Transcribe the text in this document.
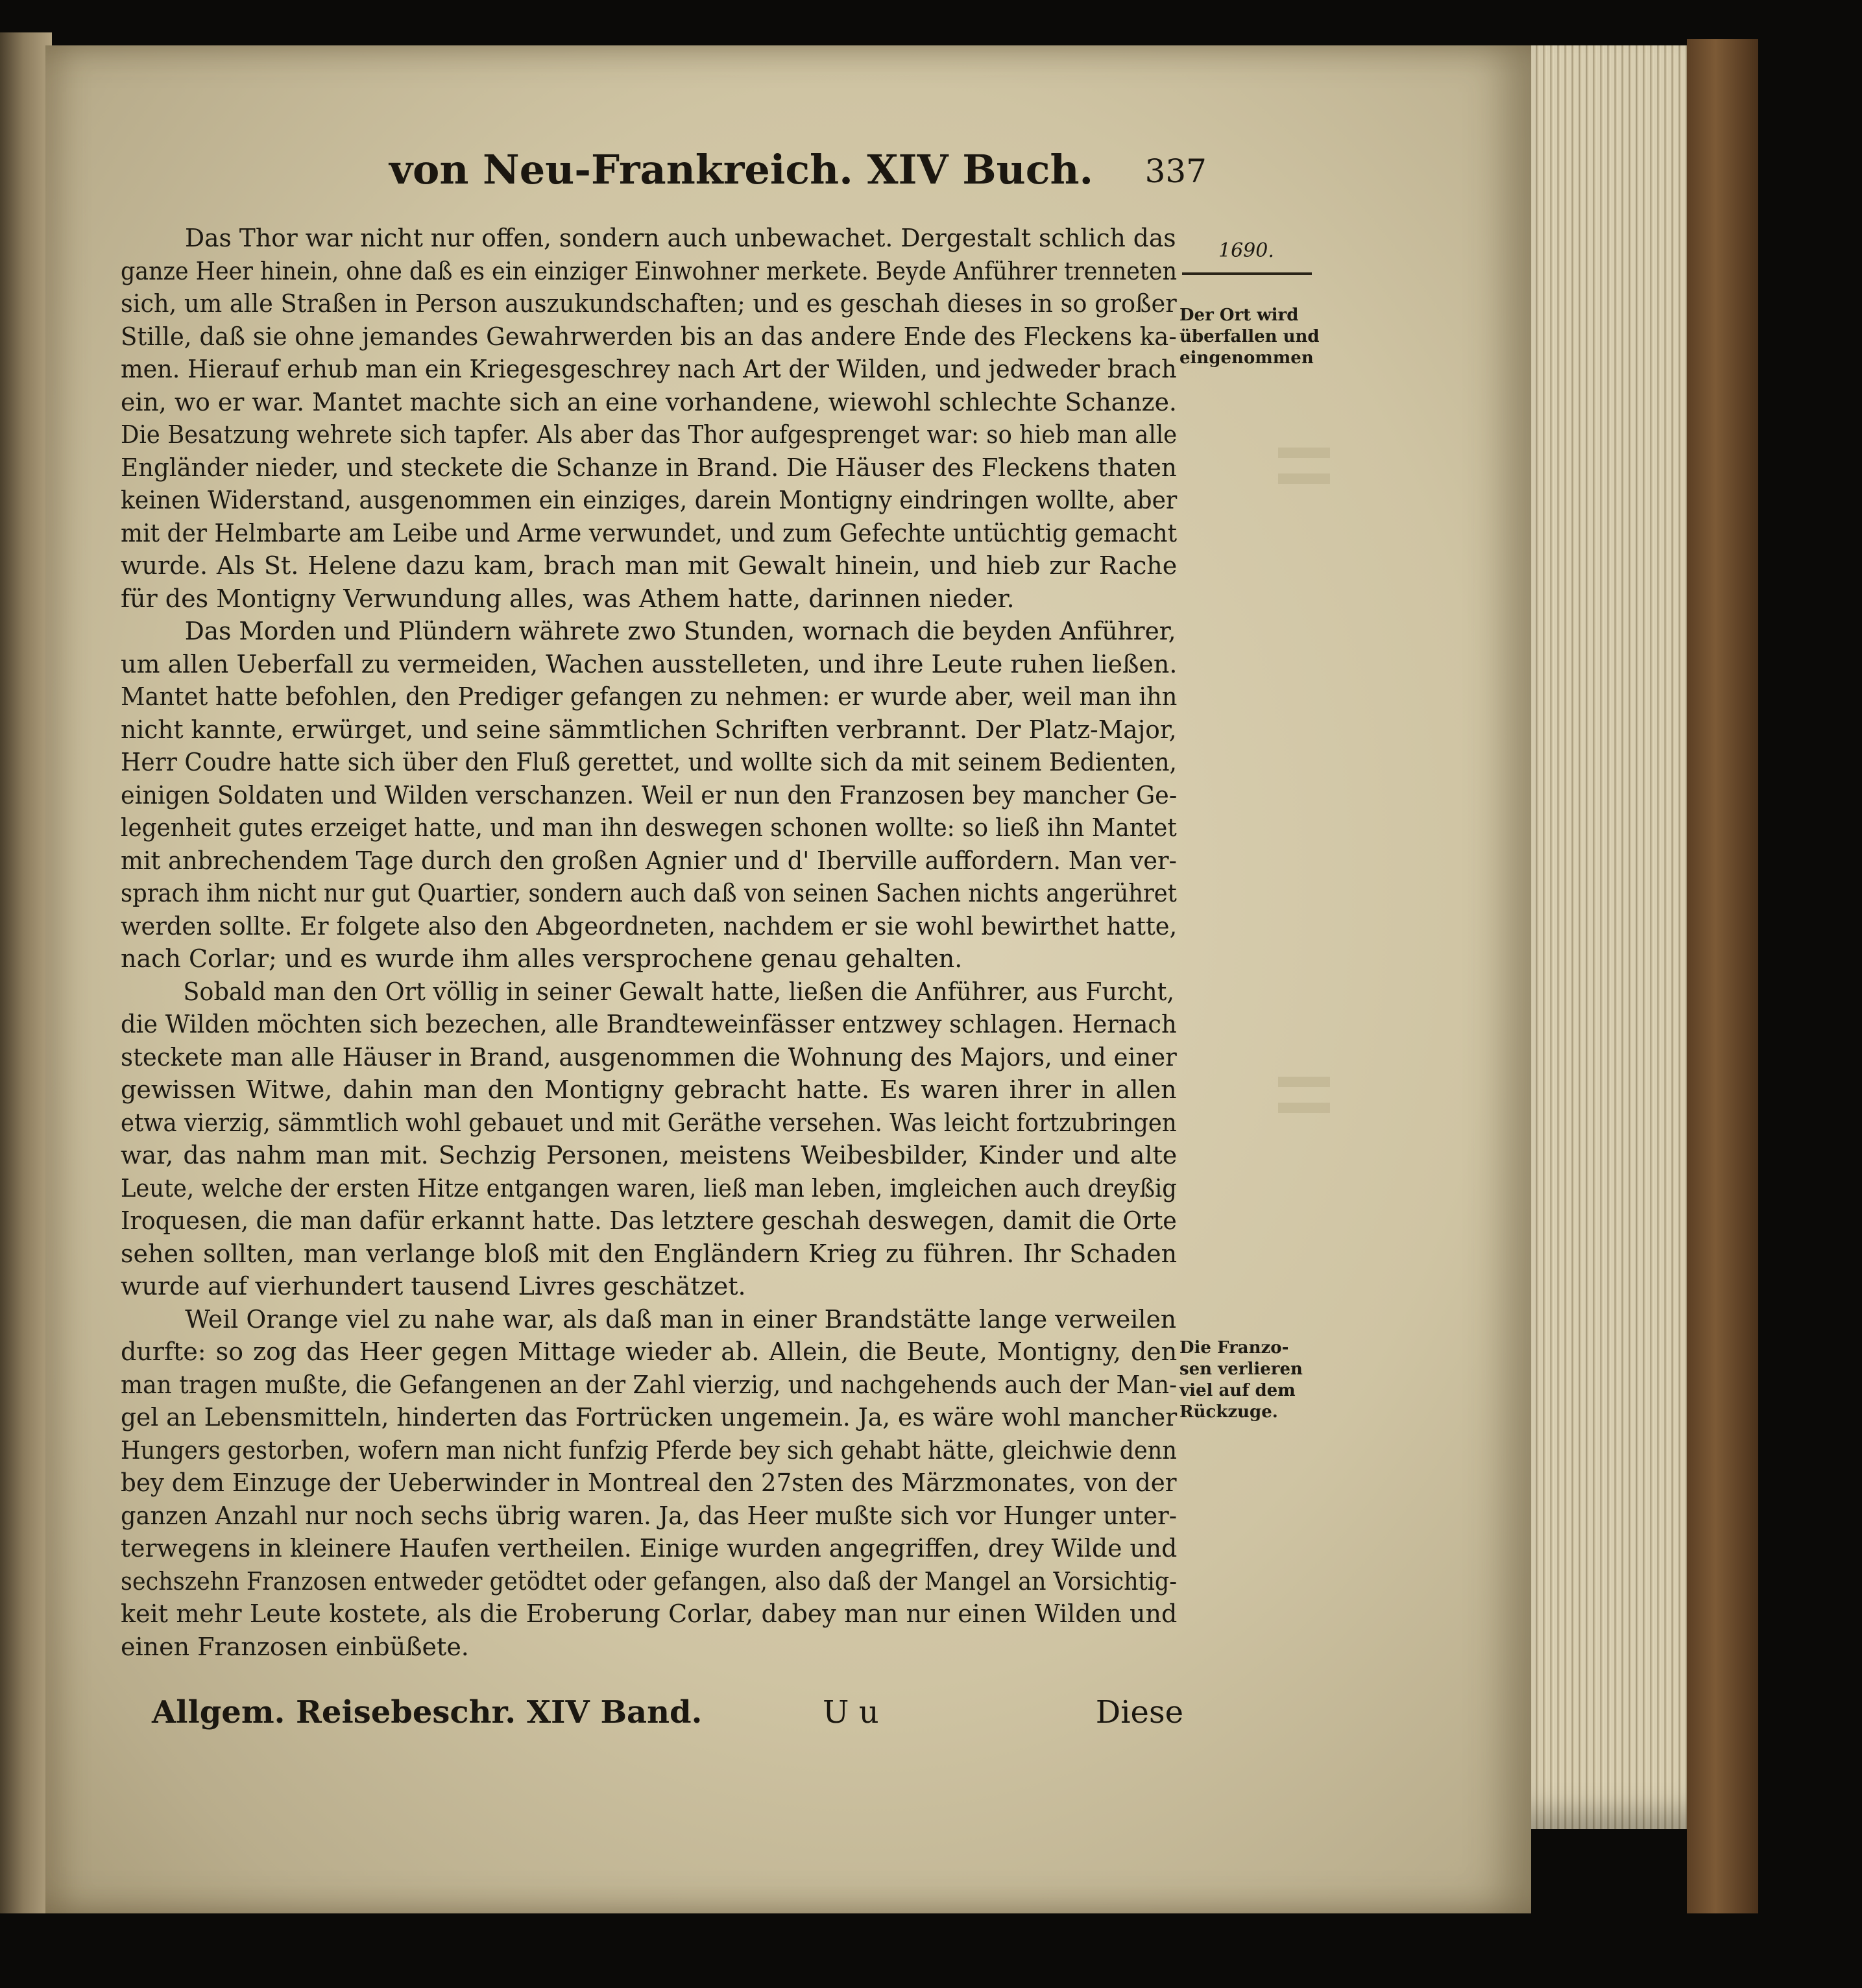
von Neu-Frankreich. XIV Buch. 337
Das Thor war nicht nur offen, sondern auch unbewachet. Dergestalt schlich das
ganze Heer hinein, ohne daß es ein einziger Einwohner merkete. Beyde Anführer trenneten
sich, um alle Straßen in Person auszukundschaften; und es geschah dieses in so großer
Stille, daß sie ohne jemandes Gewahrwerden bis an das andere Ende des Fleckens ka-
men. Hierauf erhub man ein Kriegesgeschrey nach Art der Wilden, und jedweder brach
ein, wo er war. Mantet machte sich an eine vorhandene, wiewohl schlechte Schanze.
Die Besatzung wehrete sich tapfer. Als aber das Thor aufgesprenget war: so hieb man alle
Engländer nieder, und steckete die Schanze in Brand. Die Häuser des Fleckens thaten
keinen Widerstand, ausgenommen ein einziges, darein Montigny eindringen wollte, aber
mit der Helmbarte am Leibe und Arme verwundet, und zum Gefechte untüchtig gemacht
wurde. Als St. Helene dazu kam, brach man mit Gewalt hinein, und hieb zur Rache
für des Montigny Verwundung alles, was Athem hatte, darinnen nieder.
Das Morden und Plündern währete zwo Stunden, wornach die beyden Anführer,
um allen Ueberfall zu vermeiden, Wachen ausstelleten, und ihre Leute ruhen ließen.
Mantet hatte befohlen, den Prediger gefangen zu nehmen: er wurde aber, weil man ihn
nicht kannte, erwürget, und seine sämmtlichen Schriften verbrannt. Der Platz-Major,
Herr Coudre hatte sich über den Fluß gerettet, und wollte sich da mit seinem Bedienten,
einigen Soldaten und Wilden verschanzen. Weil er nun den Franzosen bey mancher Ge-
legenheit gutes erzeiget hatte, und man ihn deswegen schonen wollte: so ließ ihn Mantet
mit anbrechendem Tage durch den großen Agnier und d' Iberville auffordern. Man ver-
sprach ihm nicht nur gut Quartier, sondern auch daß von seinen Sachen nichts angerühret
werden sollte. Er folgete also den Abgeordneten, nachdem er sie wohl bewirthet hatte,
nach Corlar; und es wurde ihm alles versprochene genau gehalten.
Sobald man den Ort völlig in seiner Gewalt hatte, ließen die Anführer, aus Furcht,
die Wilden möchten sich bezechen, alle Brandteweinfässer entzwey schlagen. Hernach
steckete man alle Häuser in Brand, ausgenommen die Wohnung des Majors, und einer
gewissen Witwe, dahin man den Montigny gebracht hatte. Es waren ihrer in allen
etwa vierzig, sämmtlich wohl gebauet und mit Geräthe versehen. Was leicht fortzubringen
war, das nahm man mit. Sechzig Personen, meistens Weibesbilder, Kinder und alte
Leute, welche der ersten Hitze entgangen waren, ließ man leben, imgleichen auch dreyßig
Iroquesen, die man dafür erkannt hatte. Das letztere geschah deswegen, damit die Orte
sehen sollten, man verlange bloß mit den Engländern Krieg zu führen. Ihr Schaden
wurde auf vierhundert tausend Livres geschätzet.
Weil Orange viel zu nahe war, als daß man in einer Brandstätte lange verweilen
durfte: so zog das Heer gegen Mittage wieder ab. Allein, die Beute, Montigny, den
man tragen mußte, die Gefangenen an der Zahl vierzig, und nachgehends auch der Man-
gel an Lebensmitteln, hinderten das Fortrücken ungemein. Ja, es wäre wohl mancher
Hungers gestorben, wofern man nicht funfzig Pferde bey sich gehabt hätte, gleichwie denn
bey dem Einzuge der Ueberwinder in Montreal den 27sten des Märzmonates, von der
ganzen Anzahl nur noch sechs übrig waren. Ja, das Heer mußte sich vor Hunger unter-
terwegens in kleinere Haufen vertheilen. Einige wurden angegriffen, drey Wilde und
sechszehn Franzosen entweder getödtet oder gefangen, also daß der Mangel an Vorsichtig-
keit mehr Leute kostete, als die Eroberung Corlar, dabey man nur einen Wilden und
einen Franzosen einbüßete.
1690.
Der Ort wird
überfallen und
eingenommen
Die Franzo-
sen verlieren
viel auf dem
Rückzuge.
Allgem. Reisebeschr. XIV Band.	U u	Diese
